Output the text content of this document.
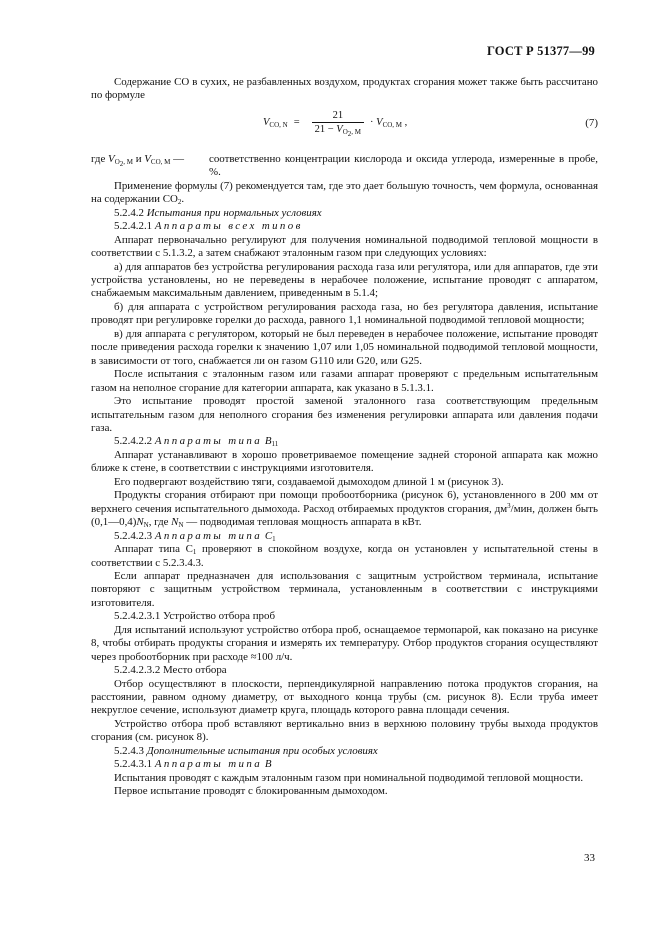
ГОСТ Р 51377—99

Содержание CO в сухих, не разбавленных воздухом, продуктах сгорания может также быть рассчитано по формуле

$V_{CO, N} = \frac{21}{21 - V_{O_2, M}} \cdot V_{CO, M}$ ,	(7)
где $V_{O_2, M}$ и $V_{CO, M}$ —	соответственно концентрации кислорода и оксида углерода, измеренные в пробе, %.

Применение формулы (7) рекомендуется там, где это дает большую точность, чем формула, основанная на содержании $CO_2$.

5.2.4.2 Испытания при нормальных условиях

5.2.4.2.1 Аппараты всех типов

Аппарат первоначально регулируют для получения номинальной подводимой тепловой мощности в соответствии с 5.1.3.2, а затем снабжают эталонным газом при следующих условиях:

а) для аппаратов без устройства регулирования расхода газа или регулятора, или для аппаратов, где эти устройства установлены, но не переведены в нерабочее положение, испытание проводят с аппаратом, снабжаемым максимальным давлением, приведенным в 5.1.4;

б) для аппарата с устройством регулирования расхода газа, но без регулятора давления, испытание проводят при регулировке горелки до расхода, равного 1,1 номинальной подводимой тепловой мощности;

в) для аппарата с регулятором, который не был переведен в нерабочее положение, испытание проводят после приведения расхода горелки к значению 1,07 или 1,05 номинальной подводимой тепловой мощности, в зависимости от того, снабжается ли он газом G110 или G20, или G25.

После испытания с эталонным газом или газами аппарат проверяют с предельным испытательным газом на неполное сгорание для категории аппарата, как указано в 5.1.3.1.

Это испытание проводят простой заменой эталонного газа соответствующим предельным испытательным газом для неполного сгорания без изменения регулировки аппарата или давления подачи газа.

5.2.4.2.2 Аппараты типа $B_{11}$

Аппарат устанавливают в хорошо проветриваемое помещение задней стороной аппарата как можно ближе к стене, в соответствии с инструкциями изготовителя.

Его подвергают воздействию тяги, создаваемой дымоходом длиной 1 м (рисунок 3).

Продукты сгорания отбирают при помощи пробоотборника (рисунок 6), установленного в 200 мм от верхнего сечения испытательного дымохода. Расход отбираемых продуктов сгорания, $дм^3$/мин, должен быть $(0,1—0,4)N_N$, где $N_N$ — подводимая тепловая мощность аппарата в кВт.

5.2.4.2.3 Аппараты типа $C_1$

Аппарат типа $C_1$ проверяют в спокойном воздухе, когда он установлен у испытательной стены в соответствии с 5.2.3.4.3.

Если аппарат предназначен для использования с защитным устройством терминала, испытание повторяют с защитным устройством терминала, установленным в соответствии с инструкциями изготовителя.

5.2.4.2.3.1 Устройство отбора проб

Для испытаний используют устройство отбора проб, оснащаемое термопарой, как показано на рисунке 8, чтобы отбирать продукты сгорания и измерять их температуру. Отбор продуктов сгорания осуществляют через пробоотборник при расходе ≈100 л/ч.

5.2.4.2.3.2 Место отбора

Отбор осуществляют в плоскости, перпендикулярной направлению потока продуктов сгорания, на расстоянии, равном одному диаметру, от выходного конца трубы (см. рисунок 8). Если труба имеет некруглое сечение, используют диаметр круга, площадь которого равна площади сечения.

Устройство отбора проб вставляют вертикально вниз в верхнюю половину трубы выхода продуктов сгорания (см. рисунок 8).

5.2.4.3 Дополнительные испытания при особых условиях

5.2.4.3.1 Аппараты типа B

Испытания проводят с каждым эталонным газом при номинальной подводимой тепловой мощности.

Первое испытание проводят с блокированным дымоходом.

33
